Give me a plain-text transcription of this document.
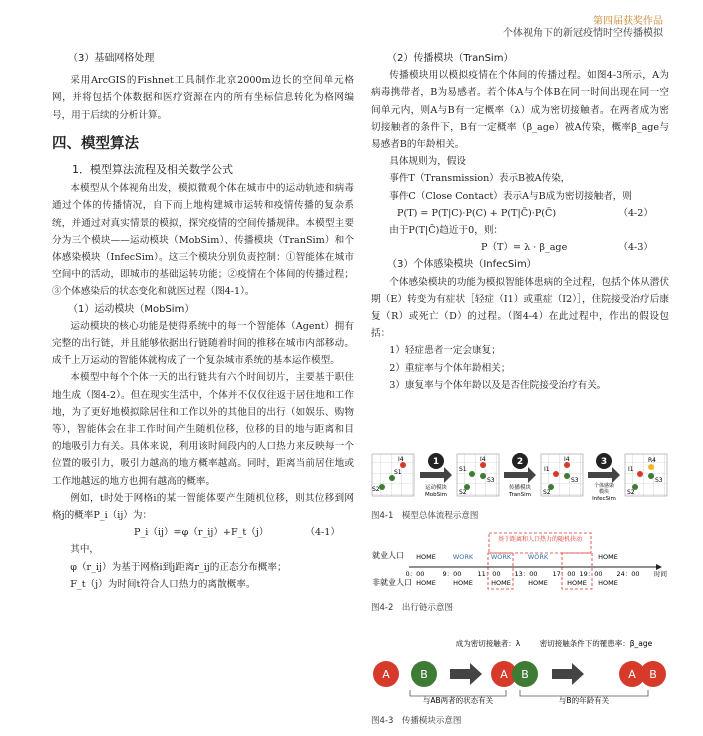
第四届获奖作品
个体视角下的新冠疫情时空传播模拟
（3）基础网格处理

采用ArcGIS的Fishnet工具制作北京2000m边长的空间单元格网，并将包括个体数据和医疗资源在内的所有坐标信息转化为格网编号，用于后续的分析计算。

四、模型算法
1．模型算法流程及相关数学公式

本模型从个体视角出发，模拟微观个体在城市中的运动轨迹和病毒通过个体的传播情况，自下而上地构建城市运转和疫情传播的复杂系统，并通过对真实情景的模拟，探究疫情的空间传播规律。本模型主要分为三个模块——运动模块（MobSim）、传播模块（TranSim）和个体感染模块（InfecSim）。这三个模块分别负责控制：①智能体在城市空间中的活动，即城市的基础运转功能；②疫情在个体间的传播过程；③个体感染后的状态变化和就医过程（图4-1）。

（1）运动模块（MobSim）

运动模块的核心功能是使得系统中的每一个智能体（Agent）拥有完整的出行链，并且能够依据出行链随着时间的推移在城市内部移动。成千上万运动的智能体就构成了一个复杂城市系统的基本运作模型。

本模型中每个个体一天的出行链共有六个时间切片，主要基于职住地生成（图4-2）。但在现实生活中，个体并不仅仅往返于居住地和工作地，为了更好地模拟除居住和工作以外的其他目的出行（如娱乐、购物等），智能体会在非工作时间产生随机位移，位移的目的地与距离和目的地吸引力有关。具体来说，利用该时间段内的人口热力来反映每一个位置的吸引力，吸引力越高的地方概率越高。同时，距离当前居住地或工作地越远的地方也拥有越高的概率。

例如，t时处于网格i的某一智能体要产生随机位移，则其位移到网格j的概率P_i（ij）为：

P_i（ij）=φ（r_ij）+F_t（j）	（4-1）

其中，

φ（r_ij）为基于网格i到j距离r_ij的正态分布概率；

F_t（j）为时间t符合人口热力的离散概率。

（2）传播模块（TranSim）

传播模块用以模拟疫情在个体间的传播过程。如图4-3所示，A为病毒携带者，B为易感者。若个体A与个体B在同一时间出现在同一空间单元内，则A与B有一定概率（λ）成为密切接触者。在两者成为密切接触者的条件下，B有一定概率（β_age）被A传染，概率β_age与易感者B的年龄相关。

具体规则为，假设

事件T（Transmission）表示B被A传染，

事件C（Close Contact）表示A与B成为密切接触者，则

P(T) = P(T|C)·P(C) + P(T|C̄)·P(C̄)	（4-2）

由于P(T|C̄)趋近于0，则：

P（T）= λ · β_age	（4-3）
（3）个体感染模块（InfecSim）

个体感染模块的功能为模拟智能体患病的全过程，包括个体从潜伏期（E）转变为有症状［轻症（I1）或重症（I2）］，住院接受治疗后康复（R）或死亡（D）的过程。（图4-4）在此过程中，作出的假设包括：

1）轻症患者一定会康复；

2）重症率与个体年龄相关；

3）康复率与个体年龄以及是否住院接受治疗有关。

I4
S1
S2
1
运动模块
MobSim
I4
S1
S2
S3
2
传播模块
TranSim
I4
I1
S2
S3
3
个体感染
模块
InfecSim
R4
I1
S2
S3
图4-1　模型总体流程示意图
基于距离和人口热力的随机抉动
就业人口 HOME	WORK	WORK	WORK	HOME
0：00	9：00 11：00 13：00 17：00 19：00 24：00 时间
非就业人口 HOME	HOME	HOME	HOME	HOME HOME
图4-2　出行链示意图
成为密切接触者：λ	密切接触条件下的罹患率：β_age
A	B	A B	A B
与AB两者的状态有关	与B的年龄有关
图4-3　传播模块示意图
